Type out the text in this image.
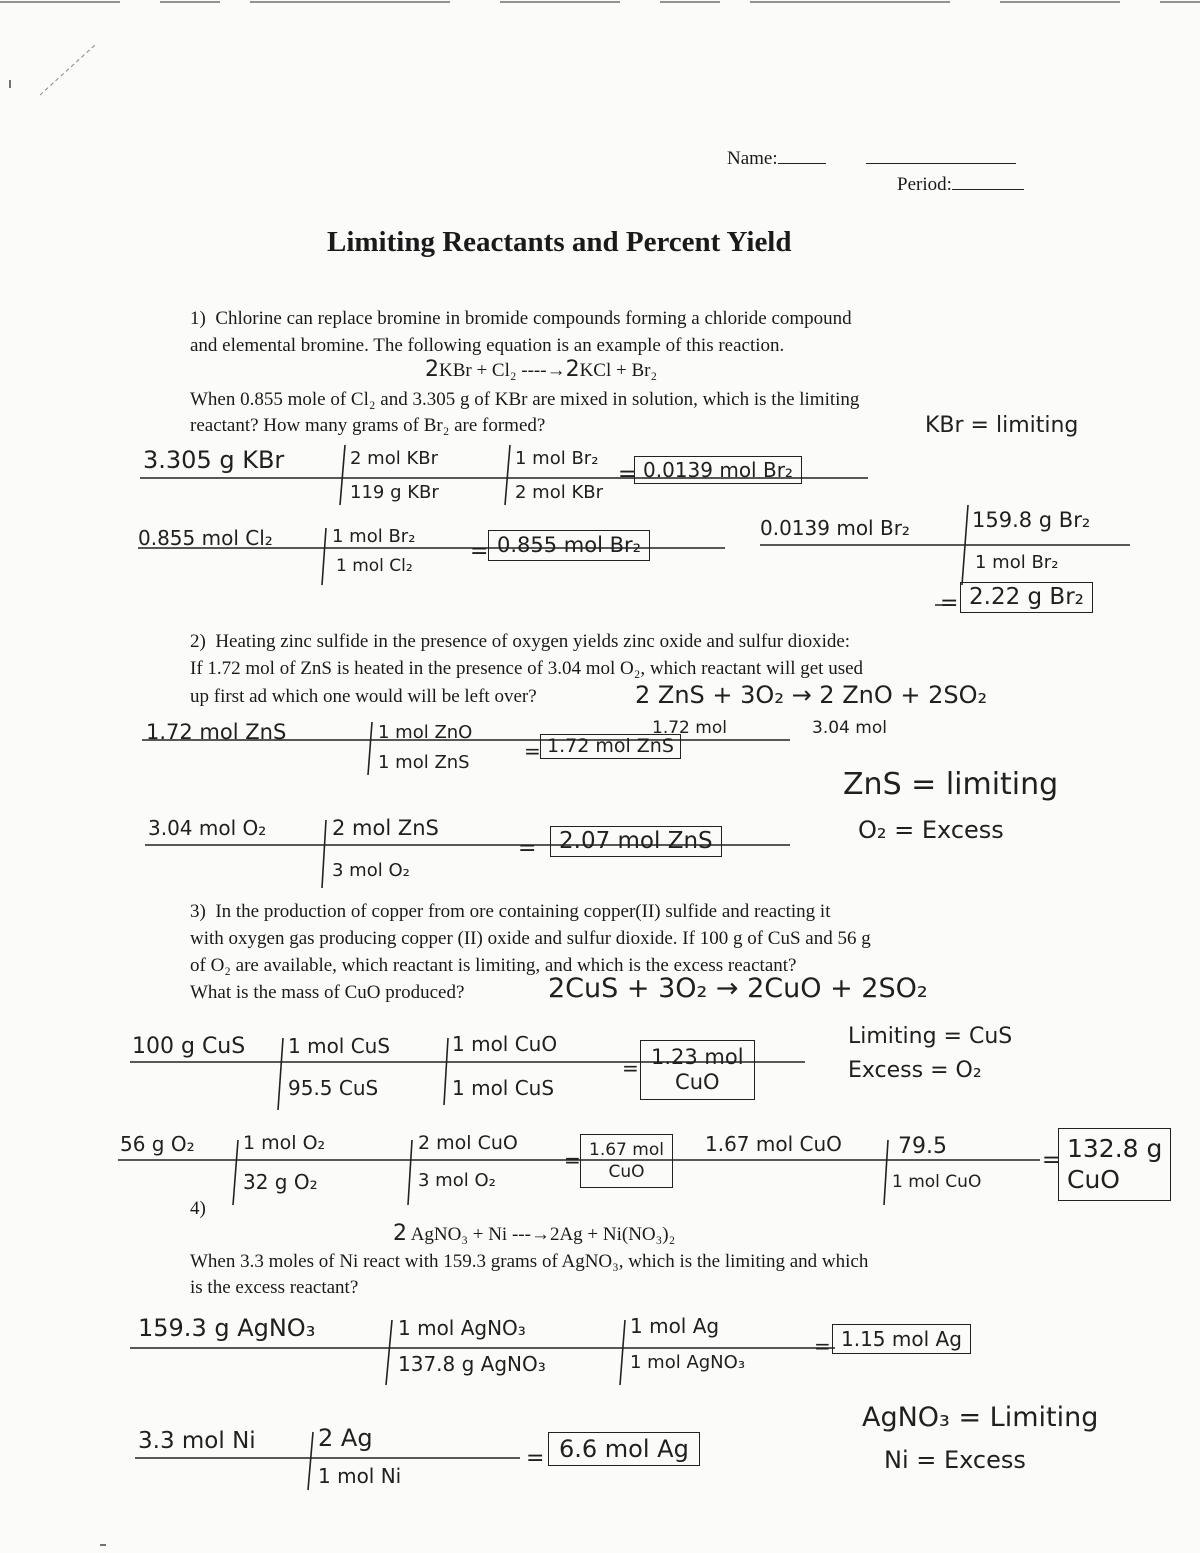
Name:
Period:
Limiting Reactants and Percent Yield
1) Chlorine can replace bromine in bromide compounds forming a chloride compound
and elemental bromine. The following equation is an example of this reaction.
2KBr + Cl₂ ----→2KCl + Br₂
When 0.855 mole of Cl₂ and 3.305 g of KBr are mixed in solution, which is the limiting
reactant? How many grams of Br₂ are formed?	KBr = limiting
3.305 g KBr	2 mol KBr
119 g KBr
1 mol Br₂
2 mol KBr
= 0.0139 mol Br₂
0.855 mol Cl₂	1 mol Br₂
1 mol Cl₂
= 0.855 mol Br₂
0.0139 mol Br₂	159.8 g Br₂
1 mol Br₂
= 2.22 g Br₂
2) Heating zinc sulfide in the presence of oxygen yields zinc oxide and sulfur dioxide:
If 1.72 mol of ZnS is heated in the presence of 3.04 mol O₂, which reactant will get used
up first ad which one would will be left over?	2 ZnS + 3O₂ → 2 ZnO + 2SO₂
1.72 mol	3.04 mol
1.72 mol ZnS	1 mol ZnO
1 mol ZnS	= 1.72 mol ZnS
ZnS = limiting
O₂ = Excess
3.04 mol O₂	2 mol ZnS
3 mol O₂
= 2.07 mol ZnS
3) In the production of copper from ore containing copper(II) sulfide and reacting it
with oxygen gas producing copper (II) oxide and sulfur dioxide. If 100 g of CuS and 56 g
of O₂ are available, which reactant is limiting, and which is the excess reactant?
What is the mass of CuO produced?	2CuS + 3O₂ → 2CuO + 2SO₂
100 g CuS 1 mol CuS
95.5 CuS
1 mol CuO
1 mol CuS
= 1.23 mol
CuO
Limiting = CuS
Excess = O₂
56 g O₂	1 mol O₂
32 g O₂
2 mol CuO
3 mol O₂
= 1.67 mol
CuO
1.67 mol CuO	79.5
1 mol CuO
= 132.8 g
CuO
4)
2 AgNO₃ + Ni ---→2Ag + Ni(NO₃)₂
When 3.3 moles of Ni react with 159.3 grams of AgNO₃, which is the limiting and which
is the excess reactant?
159.3 g AgNO₃	1 mol AgNO₃
137.8 g AgNO₃
1 mol Ag
1 mol AgNO₃
= 1.15 mol Ag
3.3 mol Ni	2 Ag
1 mol Ni
= 6.6 mol Ag
AgNO₃ = Limiting
Ni = Excess
